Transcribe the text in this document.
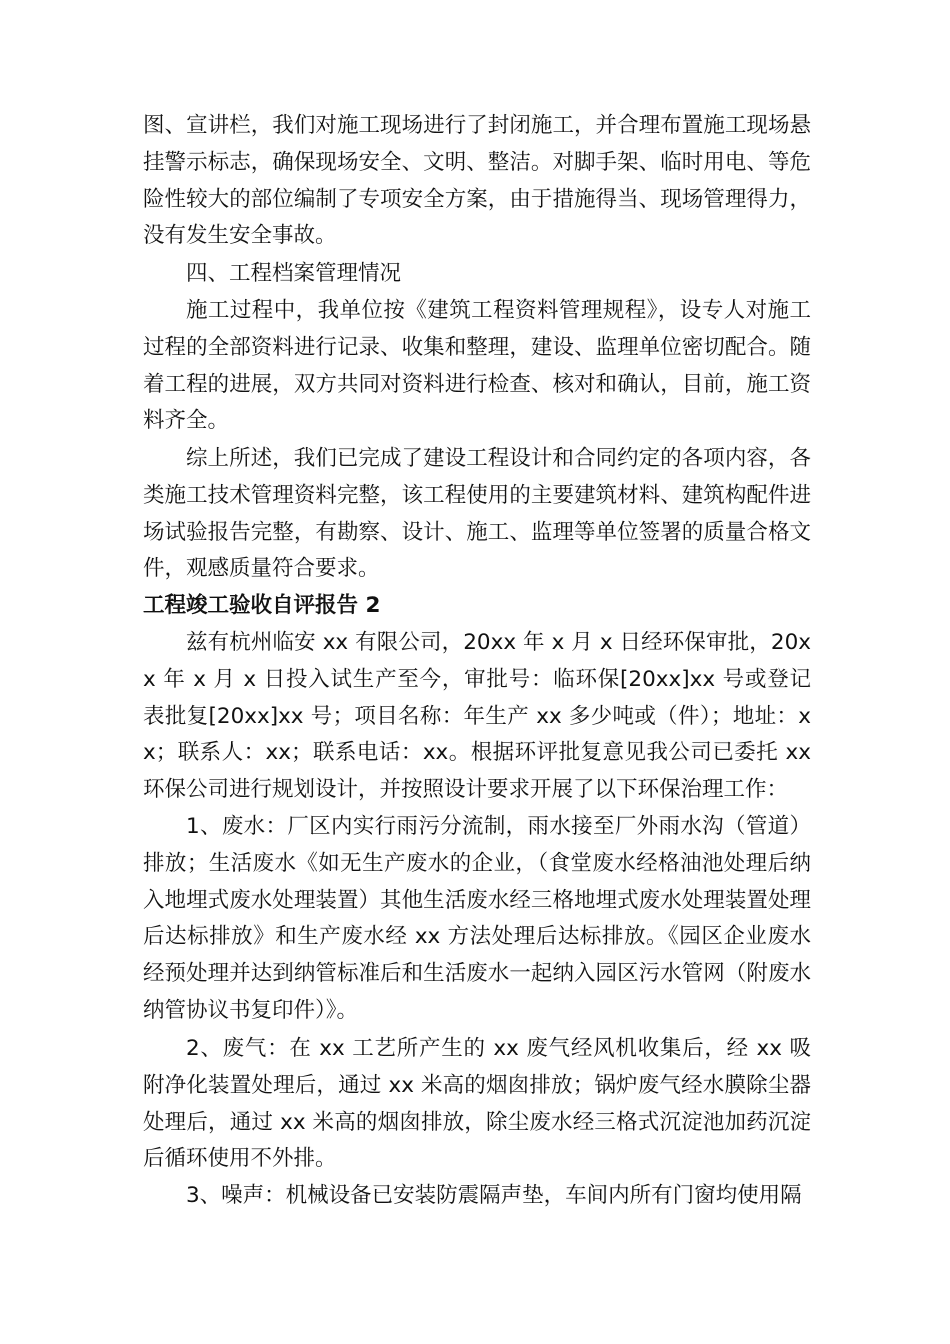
图、宣讲栏，我们对施工现场进行了封闭施工，并合理布置施工现场悬挂警示标志，确保现场安全、文明、整洁。对脚手架、临时用电、等危险性较大的部位编制了专项安全方案，由于措施得当、现场管理得力，没有发生安全事故。

四、工程档案管理情况

施工过程中，我单位按《建筑工程资料管理规程》，设专人对施工过程的全部资料进行记录、收集和整理，建设、监理单位密切配合。随着工程的进展，双方共同对资料进行检查、核对和确认，目前，施工资料齐全。

综上所述，我们已完成了建设工程设计和合同约定的各项内容，各类施工技术管理资料完整，该工程使用的主要建筑材料、建筑构配件进场试验报告完整，有勘察、设计、施工、监理等单位签署的质量合格文件，观感质量符合要求。

工程竣工验收自评报告 2

兹有杭州临安 xx 有限公司，20xx 年 x 月 x 日经环保审批，20xx 年 x 月 x 日投入试生产至今，审批号：临环保[20xx]xx 号或登记表批复[20xx]xx 号；项目名称：年生产 xx 多少吨或（件）；地址：xx；联系人：xx；联系电话：xx。根据环评批复意见我公司已委托 xx 环保公司进行规划设计，并按照设计要求开展了以下环保治理工作：

1、废水：厂区内实行雨污分流制，雨水接至厂外雨水沟（管道）排放；生活废水《如无生产废水的企业，（食堂废水经格油池处理后纳入地埋式废水处理装置）其他生活废水经三格地埋式废水处理装置处理后达标排放》和生产废水经 xx 方法处理后达标排放。《园区企业废水经预处理并达到纳管标准后和生活废水一起纳入园区污水管网（附废水纳管协议书复印件）》。

2、废气：在 xx 工艺所产生的 xx 废气经风机收集后，经 xx 吸附净化装置处理后，通过 xx 米高的烟囱排放；锅炉废气经水膜除尘器处理后，通过 xx 米高的烟囱排放，除尘废水经三格式沉淀池加药沉淀后循环使用不外排。

3、噪声：机械设备已安装防震隔声垫，车间内所有门窗均使用隔
